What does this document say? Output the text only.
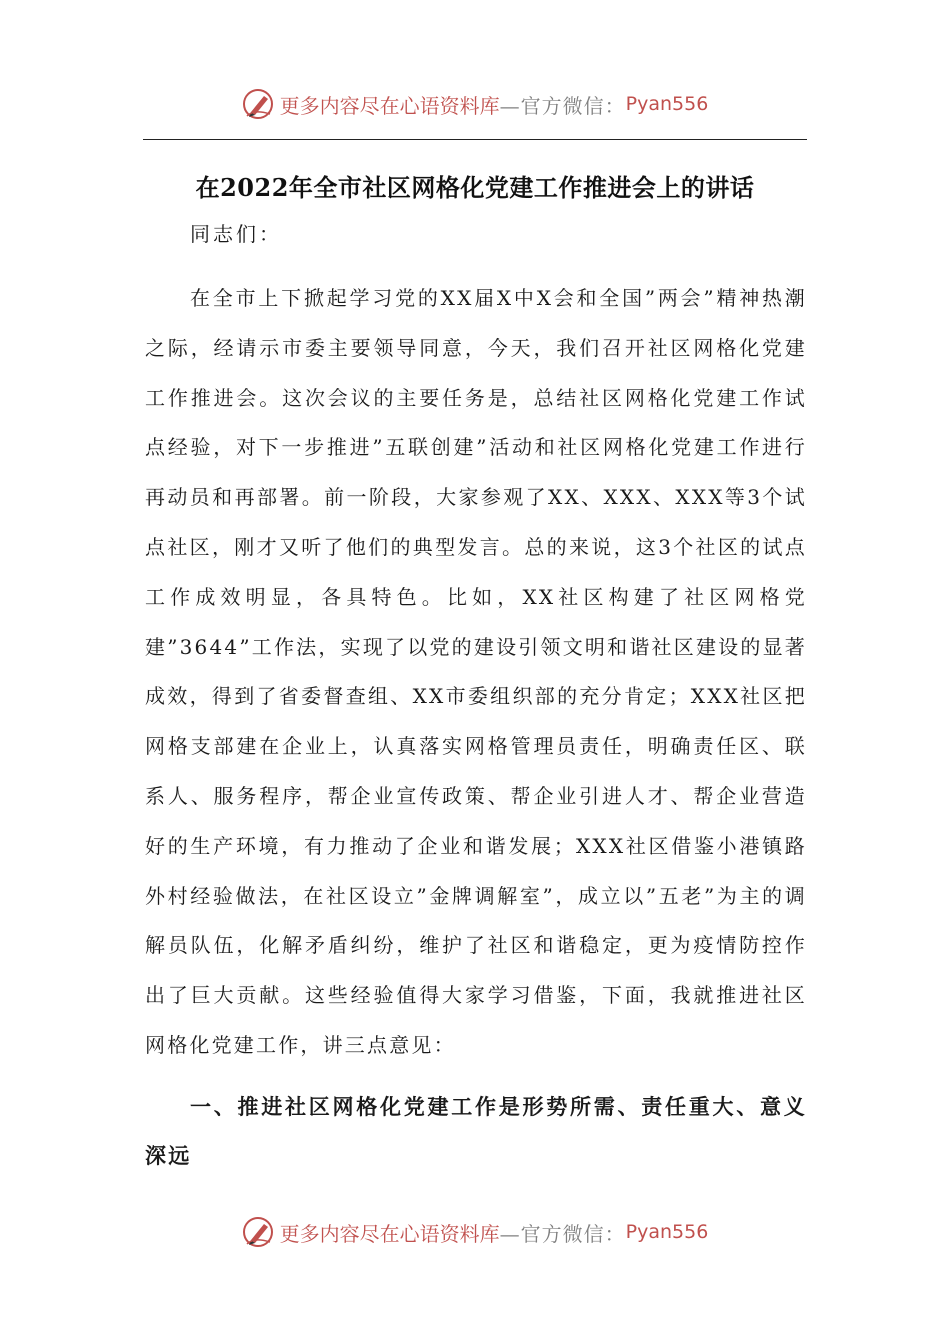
更多内容尽在心语资料库 —官方微信： Pyan556
在2022年全市社区网格化党建工作推进会上的讲话

同志们：

在全市上下掀起学习党的XX届X中X会和全国”两会”精神热潮之际，经请示市委主要领导同意，今天，我们召开社区网格化党建工作推进会。这次会议的主要任务是，总结社区网格化党建工作试点经验，对下一步推进”五联创建”活动和社区网格化党建工作进行再动员和再部署。前一阶段，大家参观了XX、XXX、XXX等3个试点社区，刚才又听了他们的典型发言。总的来说，这3个社区的试点工作成效明显，各具特色。比如，XX社区构建了社区网格党建”3644”工作法，实现了以党的建设引领文明和谐社区建设的显著成效，得到了省委督查组、XX市委组织部的充分肯定；XXX社区把网格支部建在企业上，认真落实网格管理员责任，明确责任区、联系人、服务程序，帮企业宣传政策、帮企业引进人才、帮企业营造好的生产环境，有力推动了企业和谐发展；XXX社区借鉴小港镇路外村经验做法，在社区设立”金牌调解室”，成立以”五老”为主的调解员队伍，化解矛盾纠纷，维护了社区和谐稳定，更为疫情防控作出了巨大贡献。这些经验值得大家学习借鉴，下面，我就推进社区网格化党建工作，讲三点意见：

一、推进社区网格化党建工作是形势所需、责任重大、意义深远

更多内容尽在心语资料库 —官方微信： Pyan556
